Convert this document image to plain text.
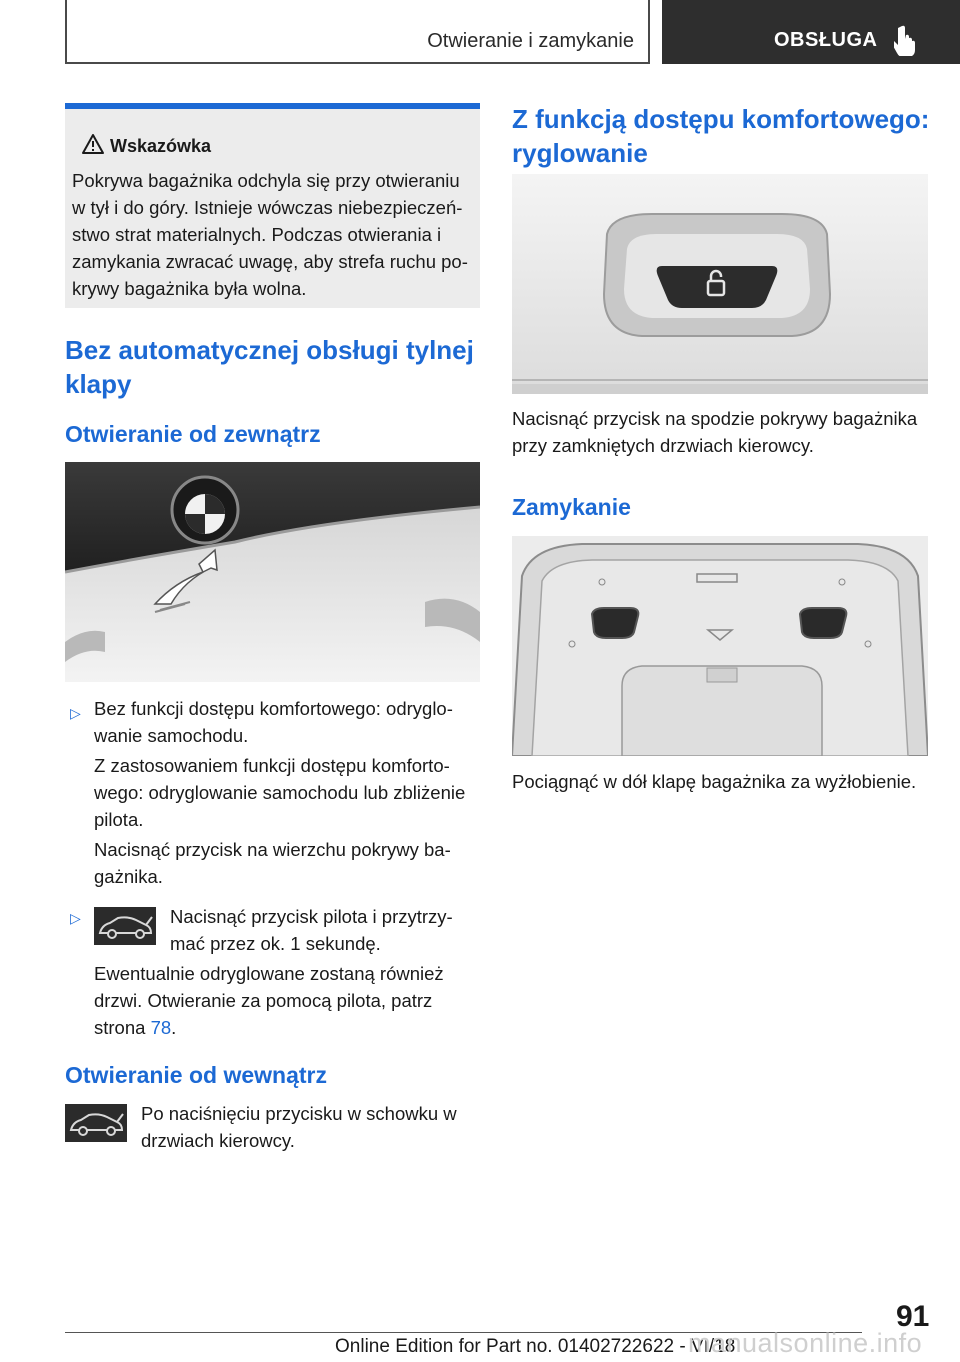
Otwieranie i zamykanie	OBSŁUGA
Wskazówka
Pokrywa bagażnika odchyla się przy otwieraniu w tył i do góry. Istnieje wówczas niebezpieczeń‐stwo strat materialnych. Podczas otwierania i zamykania zwracać uwagę, aby strefa ruchu po‐krywy bagażnika była wolna.
Bez automatycznej obsługi tylnej klapy
Otwieranie od zewnątrz
▷ Bez funkcji dostępu komfortowego: odryglo‐wanie samochodu.
Z zastosowaniem funkcji dostępu komforto‐wego: odryglowanie samochodu lub zbliżenie pilota.
Nacisnąć przycisk na wierzchu pokrywy ba‐gażnika.
▷	Nacisnąć przycisk pilota i przytrzy‐mać przez ok. 1 sekundę.
Ewentualnie odryglowane zostaną również drzwi. Otwieranie za pomocą pilota, patrz strona 78.
Otwieranie od wewnątrz
Po naciśnięciu przycisku w schowku w drzwiach kierowcy.
Z funkcją dostępu komfortowego: ryglowanie
Nacisnąć przycisk na spodzie pokrywy bagażnika przy zamkniętych drzwiach kierowcy.
Zamykanie
Pociągnąć w dół klapę bagażnika za wyżłobienie.
91
Online Edition for Part no. 01402722622 - VI/18
manualsonline.info
